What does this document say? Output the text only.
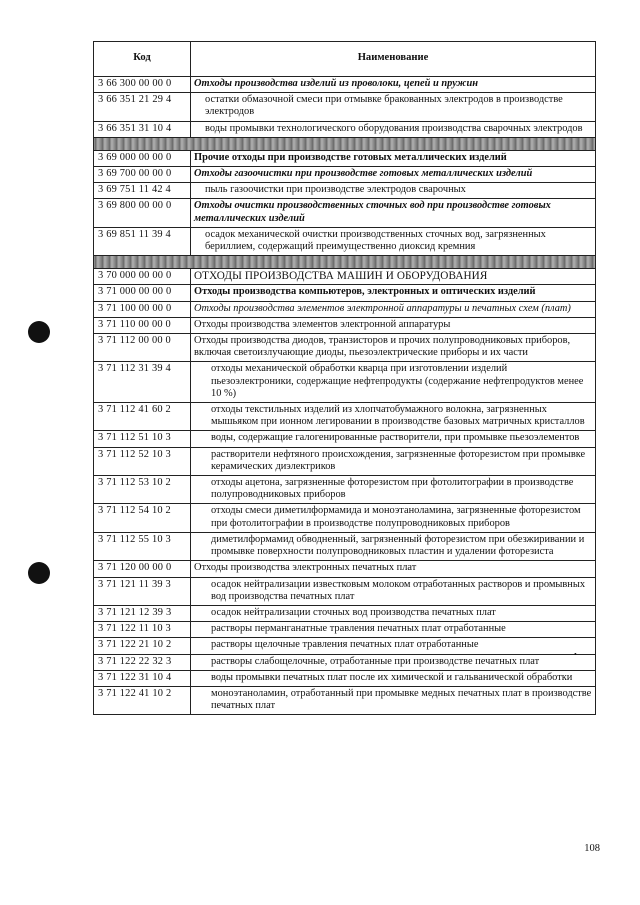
Код	Наименование
3 66 300 00 00 0	Отходы производства изделий из проволоки, цепей и пружин
3 66 351 21 29 4	остатки обмазочной смеси при отмывке бракованных электродов в производстве электродов
3 66 351 31 10 4	воды промывки технологического оборудования производства сварочных электродов

3 69 000 00 00 0	Прочие отходы при производстве готовых металлических изделий
3 69 700 00 00 0	Отходы газоочистки при производстве готовых металлических изделий
3 69 751 11 42 4	пыль газоочистки при производстве электродов сварочных
3 69 800 00 00 0	Отходы очистки производственных сточных вод при производстве готовых металлических изделий
3 69 851 11 39 4	осадок механической очистки производственных сточных вод, загрязненных бериллием, содержащий преимущественно диоксид кремния

3 70 000 00 00 0	ОТХОДЫ ПРОИЗВОДСТВА МАШИН И ОБОРУДОВАНИЯ
3 71 000 00 00 0	Отходы производства компьютеров, электронных и оптических изделий
3 71 100 00 00 0	Отходы производства элементов электронной аппаратуры и печатных схем (плат)
3 71 110 00 00 0	Отходы производства элементов электронной аппаратуры
3 71 112 00 00 0	Отходы производства диодов, транзисторов и прочих полупроводниковых приборов, включая светоизлучающие диоды, пьезоэлектрические приборы и их части
3 71 112 31 39 4	отходы механической обработки кварца при изготовлении изделий пьезоэлектроники, содержащие нефтепродукты (содержание нефтепродуктов менее 10 %)
3 71 112 41 60 2	отходы текстильных изделий из хлопчатобумажного волокна, загрязненных мышьяком при ионном легировании в производстве базовых матричных кристаллов
3 71 112 51 10 3	воды, содержащие галогенированные растворители, при промывке пьезоэлементов
3 71 112 52 10 3	растворители нефтяного происхождения, загрязненные фоторезистом при промывке керамических диэлектриков
3 71 112 53 10 2	отходы ацетона, загрязненные фоторезистом при фотолитографии в производстве полупроводниковых приборов
3 71 112 54 10 2	отходы смеси диметилформамида и моноэтаноламина, загрязненные фоторезистом при фотолитографии в производстве полупроводниковых приборов
3 71 112 55 10 3	диметилформамид обводненный, загрязненный фоторезистом при обезжиривании и промывке поверхности полупроводниковых пластин и удалении фоторезиста
3 71 120 00 00 0	Отходы производства электронных печатных плат
3 71 121 11 39 3	осадок нейтрализации известковым молоком отработанных растворов и промывных вод производства печатных плат
3 71 121 12 39 3	осадок нейтрализации сточных вод производства печатных плат
3 71 122 11 10 3	растворы перманганатные травления печатных плат отработанные
3 71 122 21 10 2	растворы щелочные травления печатных плат отработанные
3 71 122 22 32 3	растворы слабощелочные, отработанные при производстве печатных плат
3 71 122 31 10 4	воды промывки печатных плат после их химической и гальванической обработки
3 71 122 41 10 2	моноэтаноламин, отработанный при промывке медных печатных плат в производстве печатных плат
•
108
